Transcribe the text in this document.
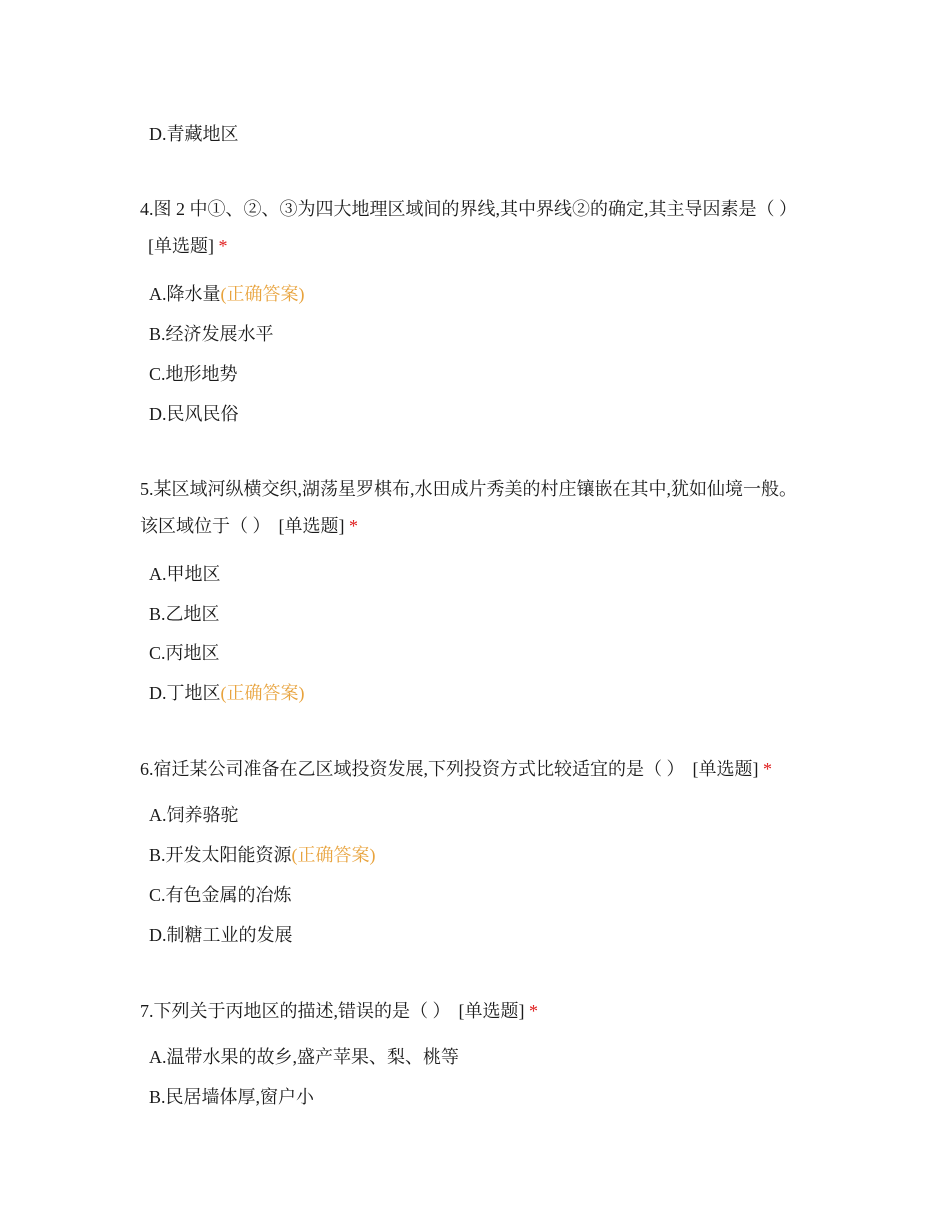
D.青藏地区
4.图 2 中①、②、③为四大地理区域间的界线,其中界线②的确定,其主导因素是（ ）[单选题] *
A.降水量(正确答案)
B.经济发展水平
C.地形地势
D.民风民俗
5.某区域河纵横交织,湖荡星罗棋布,水田成片秀美的村庄镶嵌在其中,犹如仙境一般。该区域位于（ ） [单选题] *
A.甲地区
B.乙地区
C.丙地区
D.丁地区(正确答案)
6.宿迁某公司准备在乙区域投资发展,下列投资方式比较适宜的是（ ） [单选题] *
A.饲养骆驼
B.开发太阳能资源(正确答案)
C.有色金属的冶炼
D.制糖工业的发展
7.下列关于丙地区的描述,错误的是（ ） [单选题] *
A.温带水果的故乡,盛产苹果、梨、桃等
B.民居墙体厚,窗户小
